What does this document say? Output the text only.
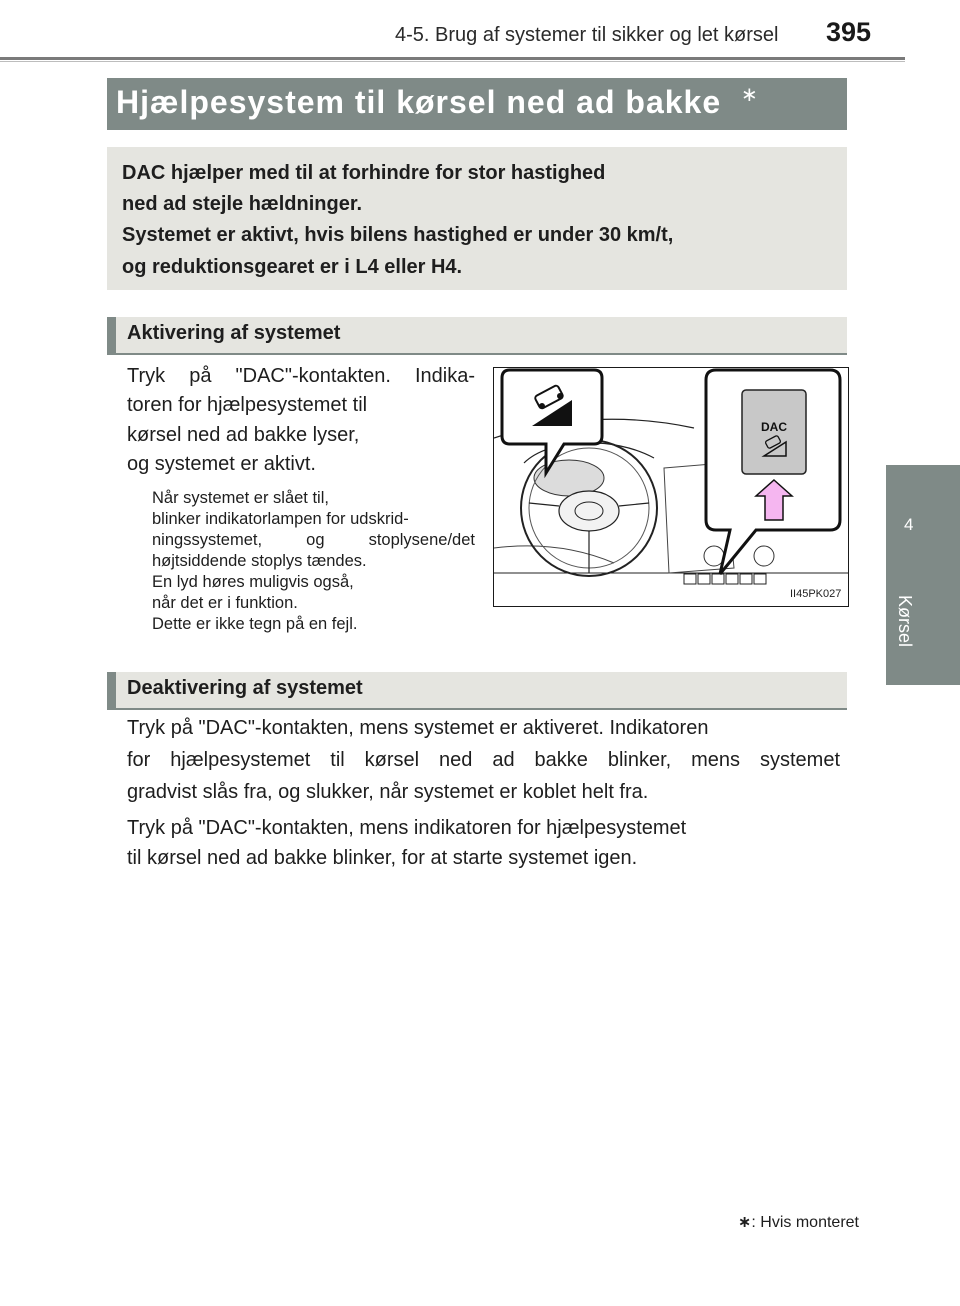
4-5. Brug af systemer til sikker og let kørsel 395
4
Kørsel
Hjælpesystem til kørsel ned ad bakke ∗
DAC hjælper med til at forhindre for stor hastighed
ned ad stejle hældninger.
Systemet er aktivt, hvis bilens hastighed er under 30 km/t,
og reduktionsgearet er i L4 eller H4.
Aktivering af systemet
Tryk på "DAC"-kontakten. Indika-
toren for hjælpesystemet til
kørsel ned ad bakke lyser,
og systemet er aktivt.
Når systemet er slået til,
blinker indikatorlampen for udskrid-
ningssystemet, og stoplysene/det
højtsiddende stoplys tændes.
En lyd høres muligvis også,
når det er i funktion.
Dette er ikke tegn på en fejl.
DAC
II45PK027
Deaktivering af systemet
Tryk på "DAC"-kontakten, mens systemet er aktiveret. Indikatoren
for hjælpesystemet til kørsel ned ad bakke blinker, mens systemet
gradvist slås fra, og slukker, når systemet er koblet helt fra.
Tryk på "DAC"-kontakten, mens indikatoren for hjælpesystemet
til kørsel ned ad bakke blinker, for at starte systemet igen.
∗: Hvis monteret
